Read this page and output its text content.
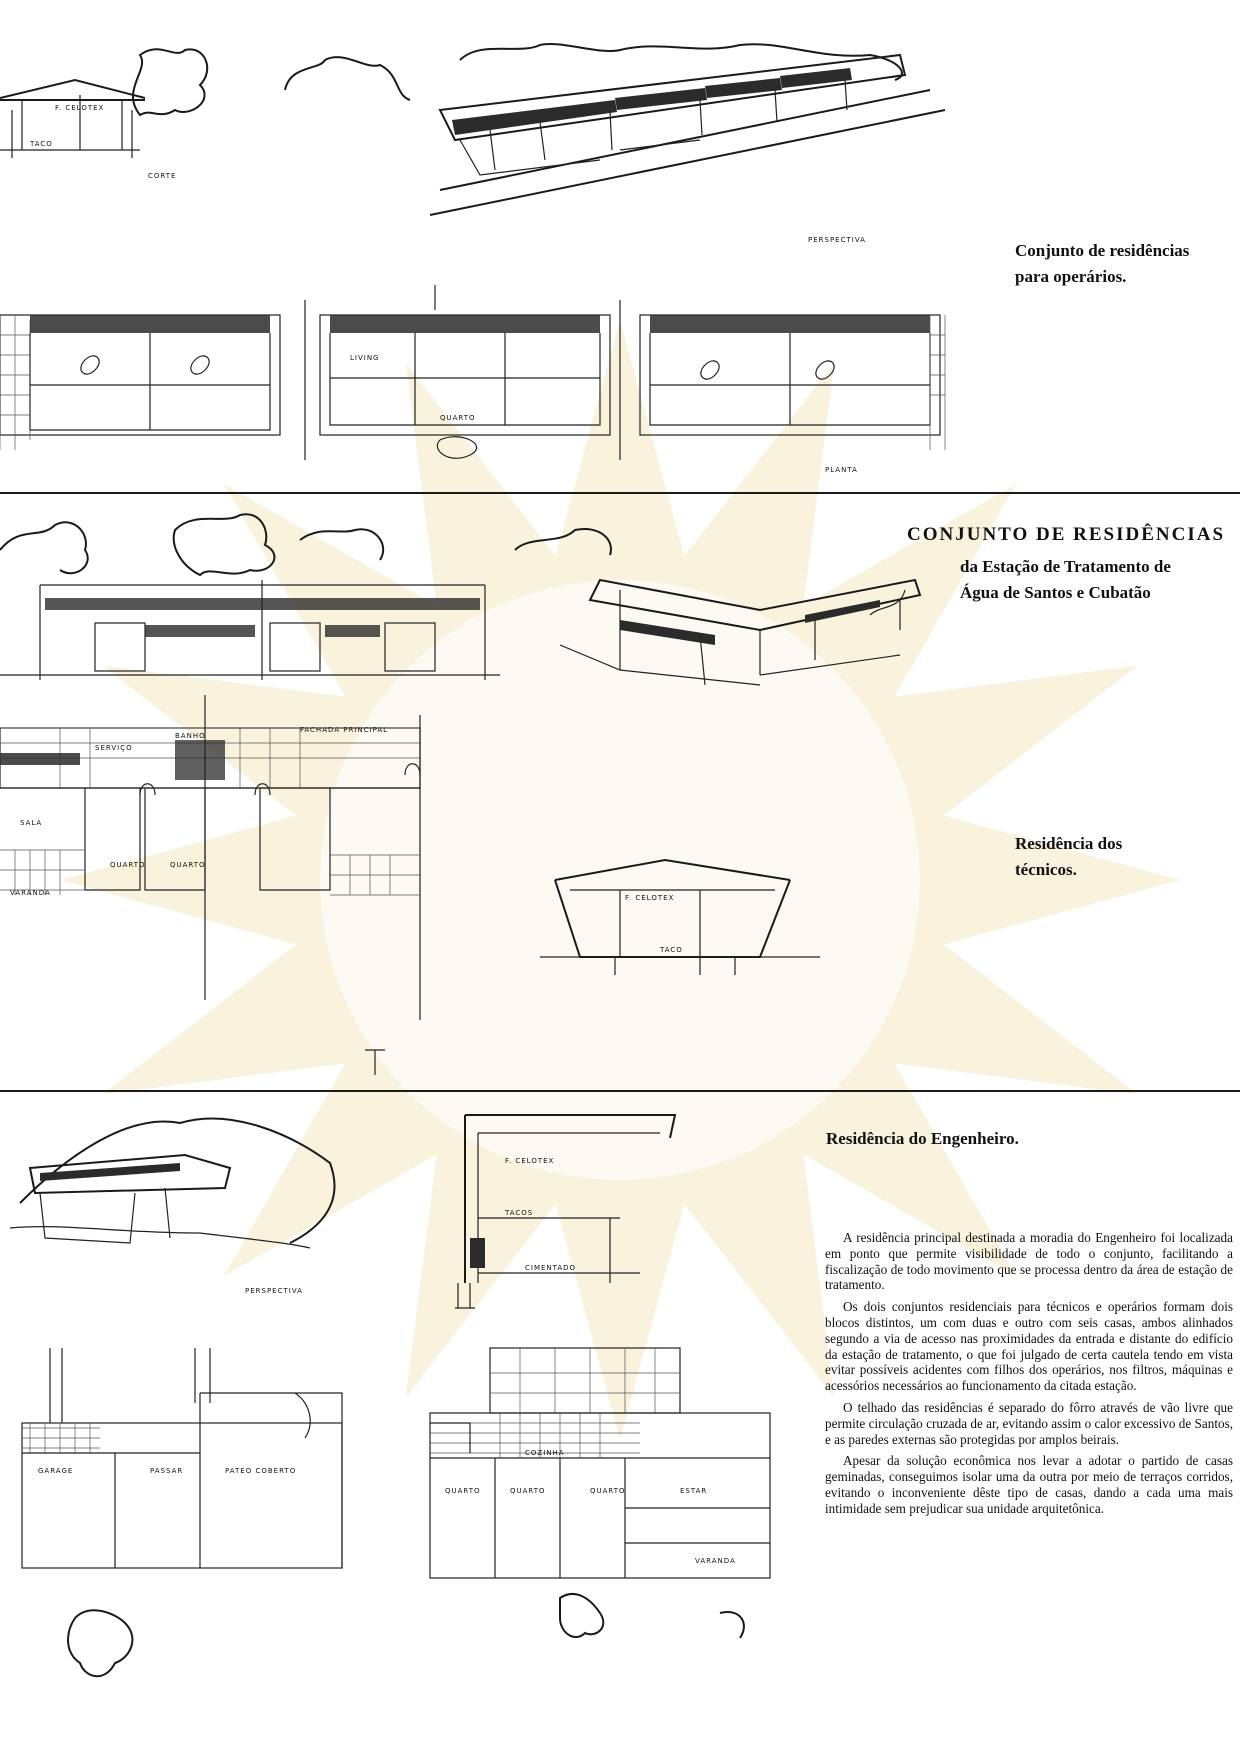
F. CELOTEX
TACO
CORTE
PERSPECTIVA
LIVING
QUARTO
PLANTA
Conjunto de residências
para operários.
FACHADA PRINCIPAL
SERVIÇO
BANHO
SALA
QUARTO	QUARTO
VARANDA
F. CELOTEX
TACO
CONJUNTO DE RESIDÊNCIAS
da Estação de Tratamento de
Água de Santos e Cubatão
Residência dos
técnicos.
PERSPECTIVA
F. CELOTEX
TACOS
CIMENTADO
GARAGE	PASSAR	PATEO COBERTO
COZINHA
QUARTO	QUARTO	QUARTO	ESTAR
VARANDA
Residência do Engenheiro.

A residência principal destinada a moradia do Engenheiro foi localizada em ponto que permite visibilidade de todo o conjunto, facilitando a fiscalização de todo movimento que se processa dentro da área de estação de tratamento.

Os dois conjuntos residenciais para técnicos e operários formam dois blocos distintos, um com duas e outro com seis casas, ambos alinhados segundo a via de acesso nas proximidades da entrada e distante do edifício da estação de tratamento, o que foi julgado de certa cautela tendo em vista evitar possíveis acidentes com filhos dos operários, nos filtros, máquinas e acessórios necessários ao funcionamento da citada estação.

O telhado das residências é separado do fôrro através de vão livre que permite circulação cruzada de ar, evitando assim o calor excessivo de Santos, e as paredes externas são protegidas por amplos beirais.

Apesar da solução econômica nos levar a adotar o partido de casas geminadas, conseguimos isolar uma da outra por meio de terraços corridos, evitando o inconveniente dêste tipo de casas, dando a cada uma mais intimidade sem prejudicar sua unidade arquitetônica.
